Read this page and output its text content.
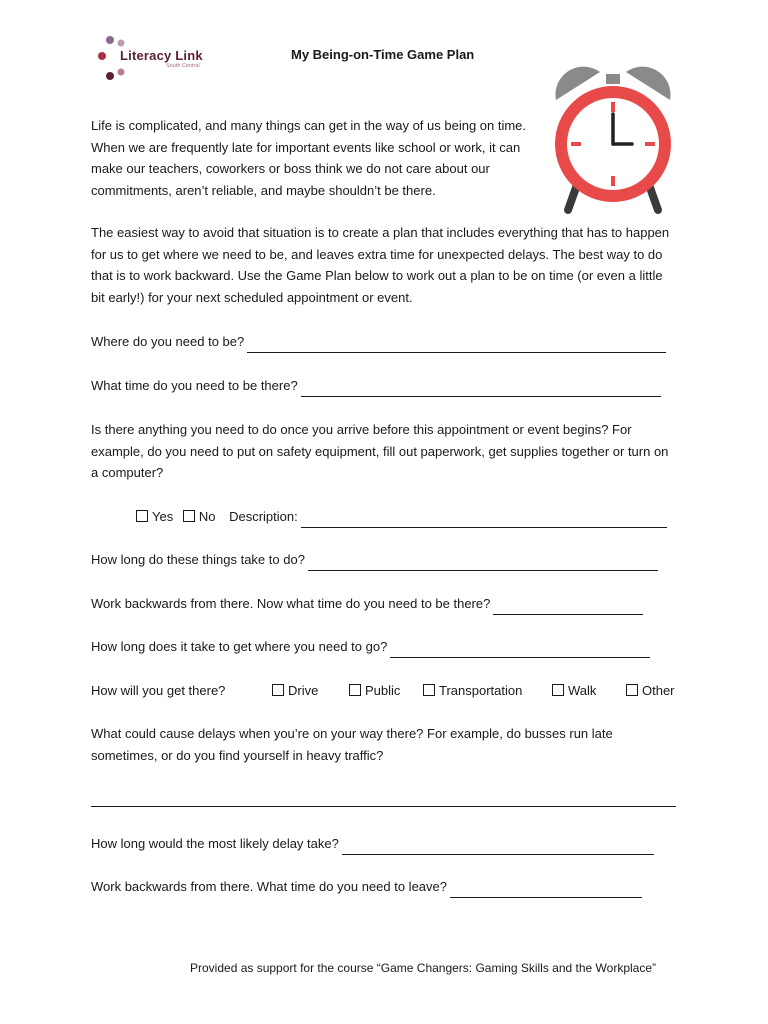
Literacy Link
South Central
My Being-on-Time Game Plan
Life is complicated, and many things can get in the way of us being on time. When we are frequently late for important events like school or work, it can make our teachers, coworkers or boss think we do not care about our commitments, aren’t reliable, and maybe shouldn’t be there.
The easiest way to avoid that situation is to create a plan that includes everything that has to happen for us to get where we need to be, and leaves extra time for unexpected delays. The best way to do that is to work backward. Use the Game Plan below to work out a plan to be on time (or even a little bit early!) for your next scheduled appointment or event.
Where do you need to be?
What time do you need to be there?
Is there anything you need to do once you arrive before this appointment or event begins? For example, do you need to put on safety equipment, fill out paperwork, get supplies together or turn on a computer?
Yes No Description:
How long do these things take to do?
Work backwards from there. Now what time do you need to be there?
How long does it take to get where you need to go?
How will you get there?	Drive	Public	Transportation	Walk	Other
What could cause delays when you’re on your way there? For example, do busses run late sometimes, or do you find yourself in heavy traffic?
How long would the most likely delay take?
Work backwards from there. What time do you need to leave?
Provided as support for the course “Game Changers: Gaming Skills and the Workplace”
